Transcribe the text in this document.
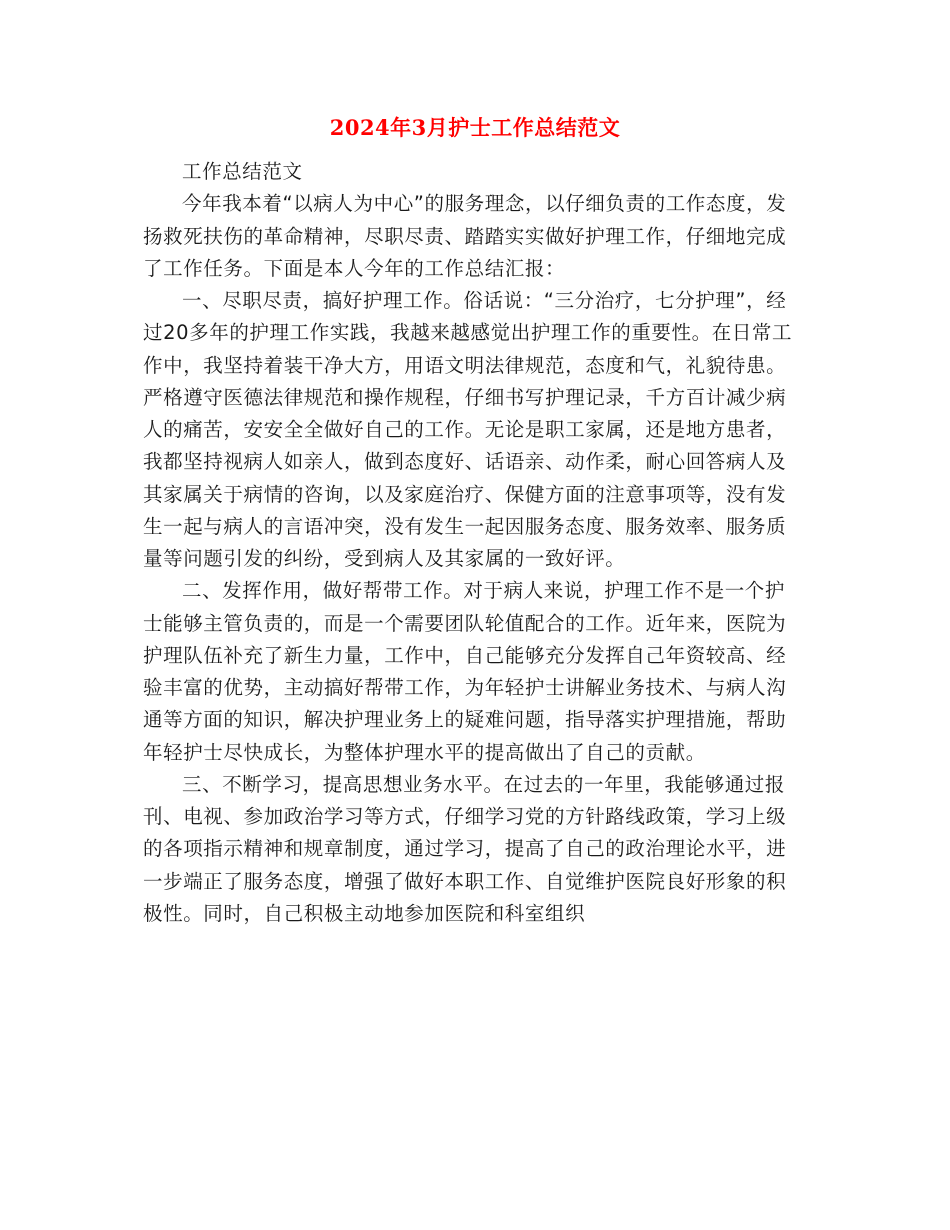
2024年3月护士工作总结范文

工作总结范文

今年我本着“以病人为中心”的服务理念，以仔细负责的工作态度，发扬救死扶伤的革命精神，尽职尽责、踏踏实实做好护理工作，仔细地完成了工作任务。下面是本人今年的工作总结汇报：

一、尽职尽责，搞好护理工作。俗话说：“三分治疗，七分护理”，经过20多年的护理工作实践，我越来越感觉出护理工作的重要性。在日常工作中，我坚持着装干净大方，用语文明法律规范，态度和气，礼貌待患。严格遵守医德法律规范和操作规程，仔细书写护理记录，千方百计减少病人的痛苦，安安全全做好自己的工作。无论是职工家属，还是地方患者，我都坚持视病人如亲人，做到态度好、话语亲、动作柔，耐心回答病人及其家属关于病情的咨询，以及家庭治疗、保健方面的注意事项等，没有发生一起与病人的言语冲突，没有发生一起因服务态度、服务效率、服务质量等问题引发的纠纷，受到病人及其家属的一致好评。

二、发挥作用，做好帮带工作。对于病人来说，护理工作不是一个护士能够主管负责的，而是一个需要团队轮值配合的工作。近年来，医院为护理队伍补充了新生力量，工作中，自己能够充分发挥自己年资较高、经验丰富的优势，主动搞好帮带工作，为年轻护士讲解业务技术、与病人沟通等方面的知识，解决护理业务上的疑难问题，指导落实护理措施，帮助年轻护士尽快成长，为整体护理水平的提高做出了自己的贡献。

三、不断学习，提高思想业务水平。在过去的一年里，我能够通过报刊、电视、参加政治学习等方式，仔细学习党的方针路线政策，学习上级的各项指示精神和规章制度，通过学习，提高了自己的政治理论水平，进一步端正了服务态度，增强了做好本职工作、自觉维护医院良好形象的积极性。同时，自己积极主动地参加医院和科室组织
